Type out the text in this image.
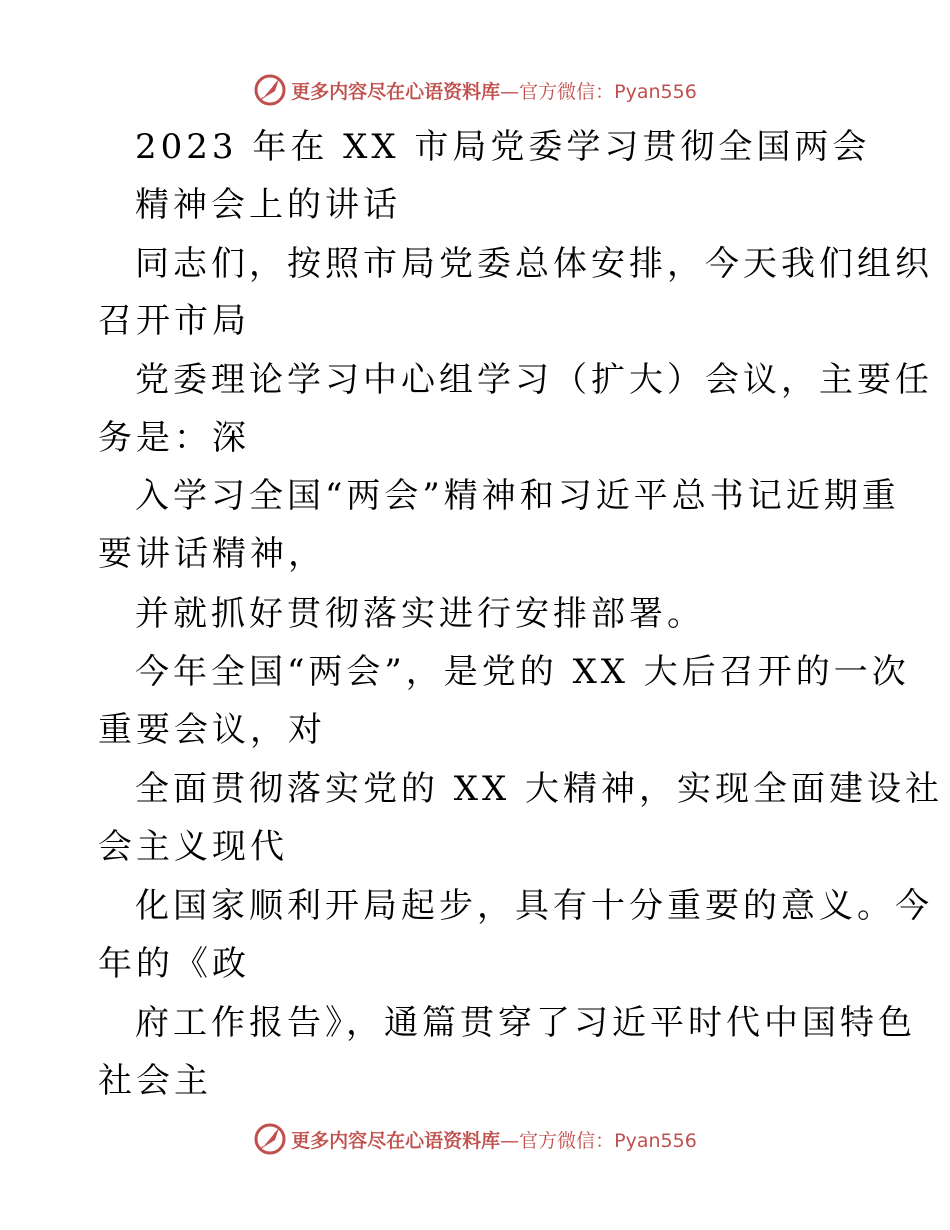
更多内容尽在心语资料库—官方微信：Pyan556
2023 年在 XX 市局党委学习贯彻全国两会
精神会上的讲话
同志们，按照市局党委总体安排，今天我们组织
召开市局
党委理论学习中心组学习（扩大）会议，主要任
务是：深
入学习全国“两会”精神和习近平总书记近期重
要讲话精神，
并就抓好贯彻落实进行安排部署。
今年全国“两会”，是党的 XX 大后召开的一次
重要会议，对
全面贯彻落实党的 XX 大精神，实现全面建设社
会主义现代
化国家顺利开局起步，具有十分重要的意义。今
年的《政
府工作报告》，通篇贯穿了习近平时代中国特色
社会主
更多内容尽在心语资料库—官方微信：Pyan556
